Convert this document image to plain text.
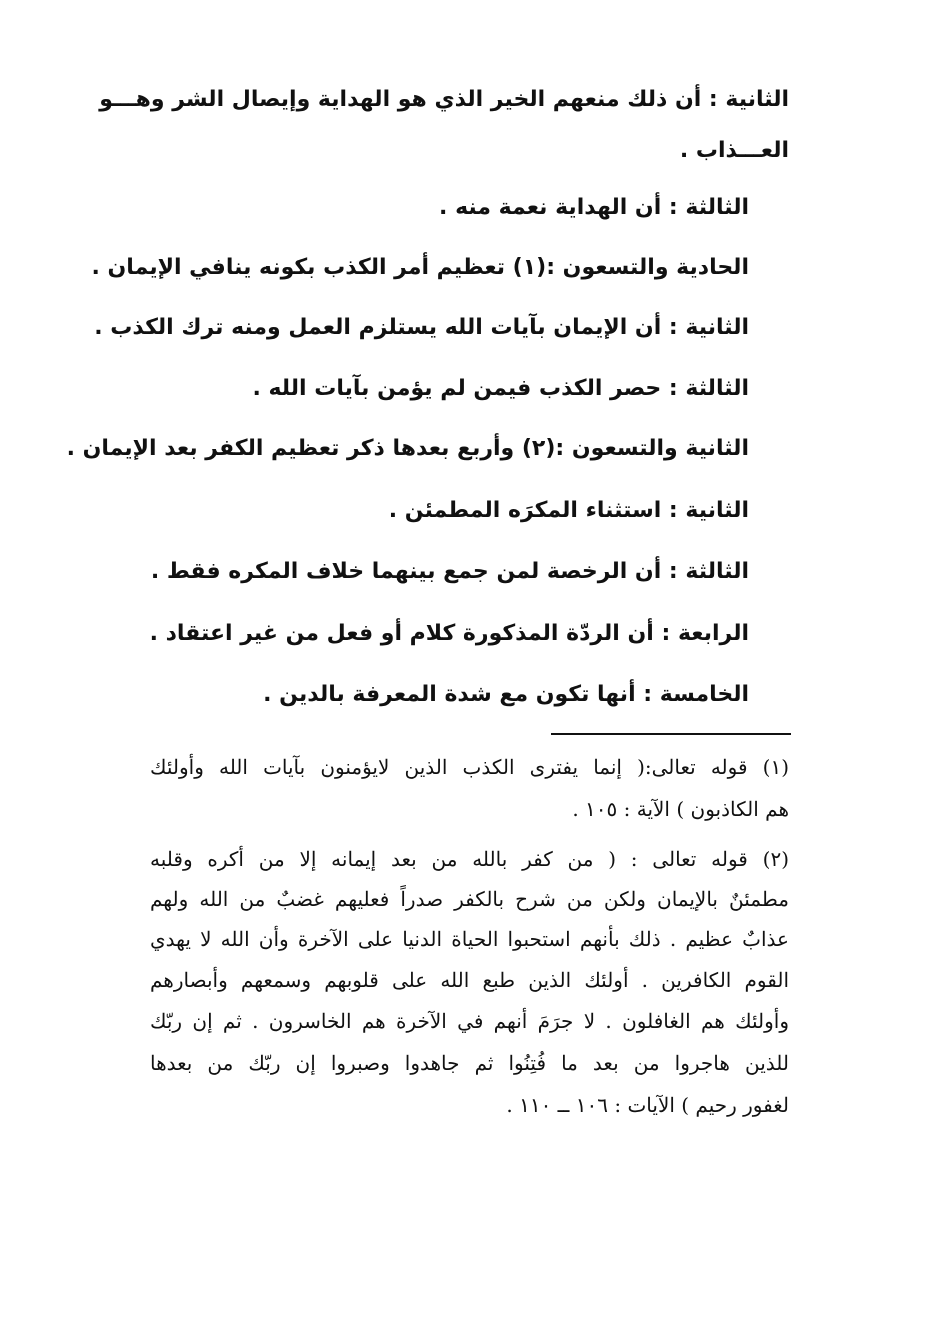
الثانية : أن ذلك منعهم الخير الذي هو الهداية وإيصال الشر وهـــو
العـــذاب .
الثالثة : أن الهداية نعمة منه .
الحادية والتسعون :(١) تعظيم أمر الكذب بكونه ينافي الإيمان .
الثانية : أن الإيمان بآيات الله يستلزم العمل ومنه ترك الكذب .
الثالثة : حصر الكذب فيمن لم يؤمن بآيات الله .
الثانية والتسعون :(٢) وأربع بعدها ذكر تعظيم الكفر بعد الإيمان .
الثانية : استثناء المكرَه المطمئن .
الثالثة : أن الرخصة لمن جمع بينهما خلاف المكره فقط .
الرابعة : أن الردّة المذكورة كلام أو فعل من غير اعتقاد .
الخامسة : أنها تكون مع شدة المعرفة بالدين .
(١) قوله تعالى:( إنما يفترى الكذب الذين لايؤمنون بآيات الله وأولئك
هم الكاذبون ) الآية : ١٠٥ .
(٢) قوله تعالى : ( من كفر بالله من بعد إيمانه إلا من أكره وقلبه
مطمئنٌ بالإيمان ولكن من شرح بالكفر صدراً فعليهم غضبٌ من الله ولهم
عذابٌ عظيم . ذلك بأنهم استحبوا الحياة الدنيا على الآخرة وأن الله لا يهدي
القوم الكافرين . أولئك الذين طبع الله على قلوبهم وسمعهم وأبصارهم
وأولئك هم الغافلون . لا جرَمَ أنهم في الآخرة هم الخاسرون . ثم إن ربّك
للذين هاجروا من بعد ما فُتِنُوا ثم جاهدوا وصبروا إن ربّك من بعدها
لغفور رحيم ) الآيات : ١٠٦ ــ ١١٠ .
